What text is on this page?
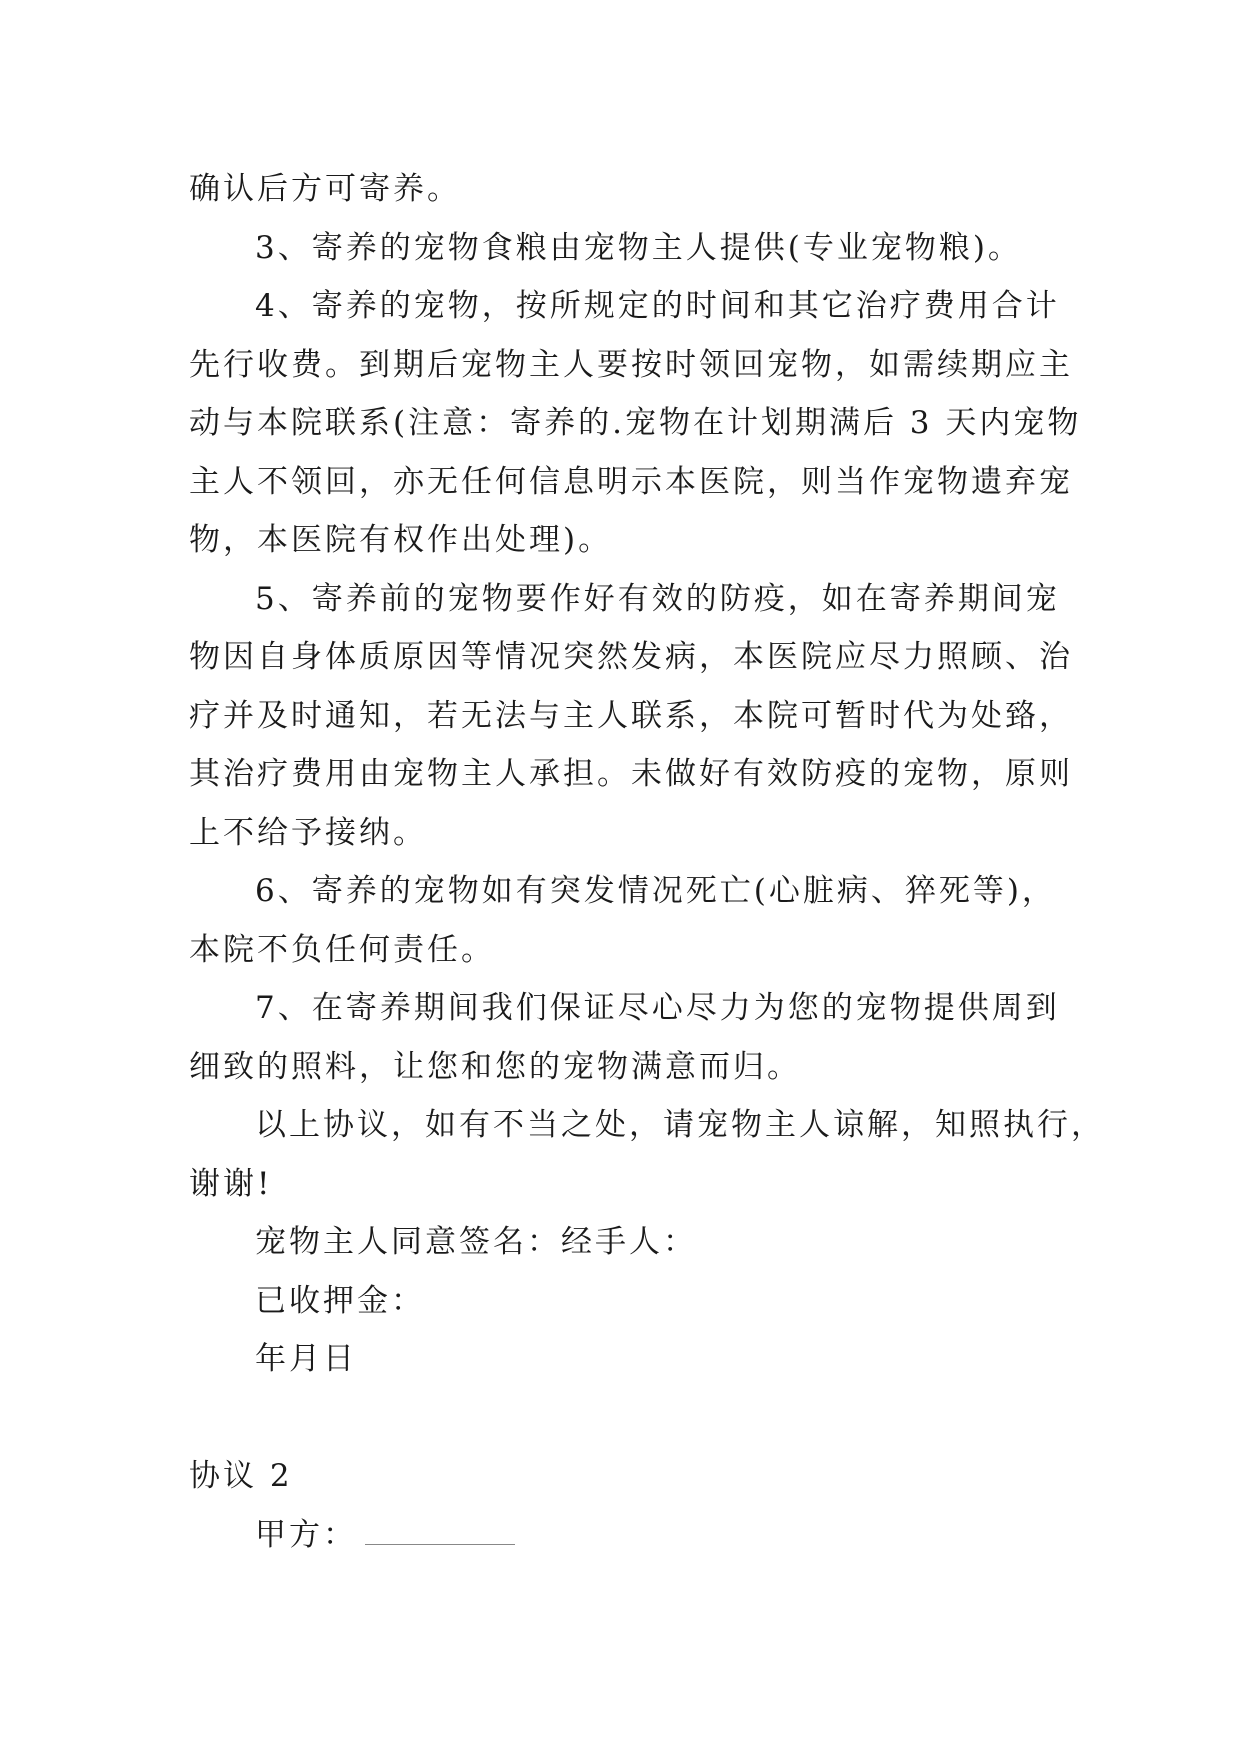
确认后方可寄养。
3、寄养的宠物食粮由宠物主人提供(专业宠物粮)。
4、寄养的宠物，按所规定的时间和其它治疗费用合计
先行收费。到期后宠物主人要按时领回宠物，如需续期应主
动与本院联系(注意：寄养的.宠物在计划期满后 3 天内宠物
主人不领回，亦无任何信息明示本医院，则当作宠物遗弃宠
物，本医院有权作出处理)。
5、寄养前的宠物要作好有效的防疫，如在寄养期间宠
物因自身体质原因等情况突然发病，本医院应尽力照顾、治
疗并及时通知，若无法与主人联系，本院可暂时代为处臵，
其治疗费用由宠物主人承担。未做好有效防疫的宠物，原则
上不给予接纳。
6、寄养的宠物如有突发情况死亡(心脏病、猝死等)，
本院不负任何责任。
7、在寄养期间我们保证尽心尽力为您的宠物提供周到
细致的照料，让您和您的宠物满意而归。
以上协议，如有不当之处，请宠物主人谅解，知照执行，
谢谢!
宠物主人同意签名：经手人：
已收押金：
年月日
协议 2
甲方：
